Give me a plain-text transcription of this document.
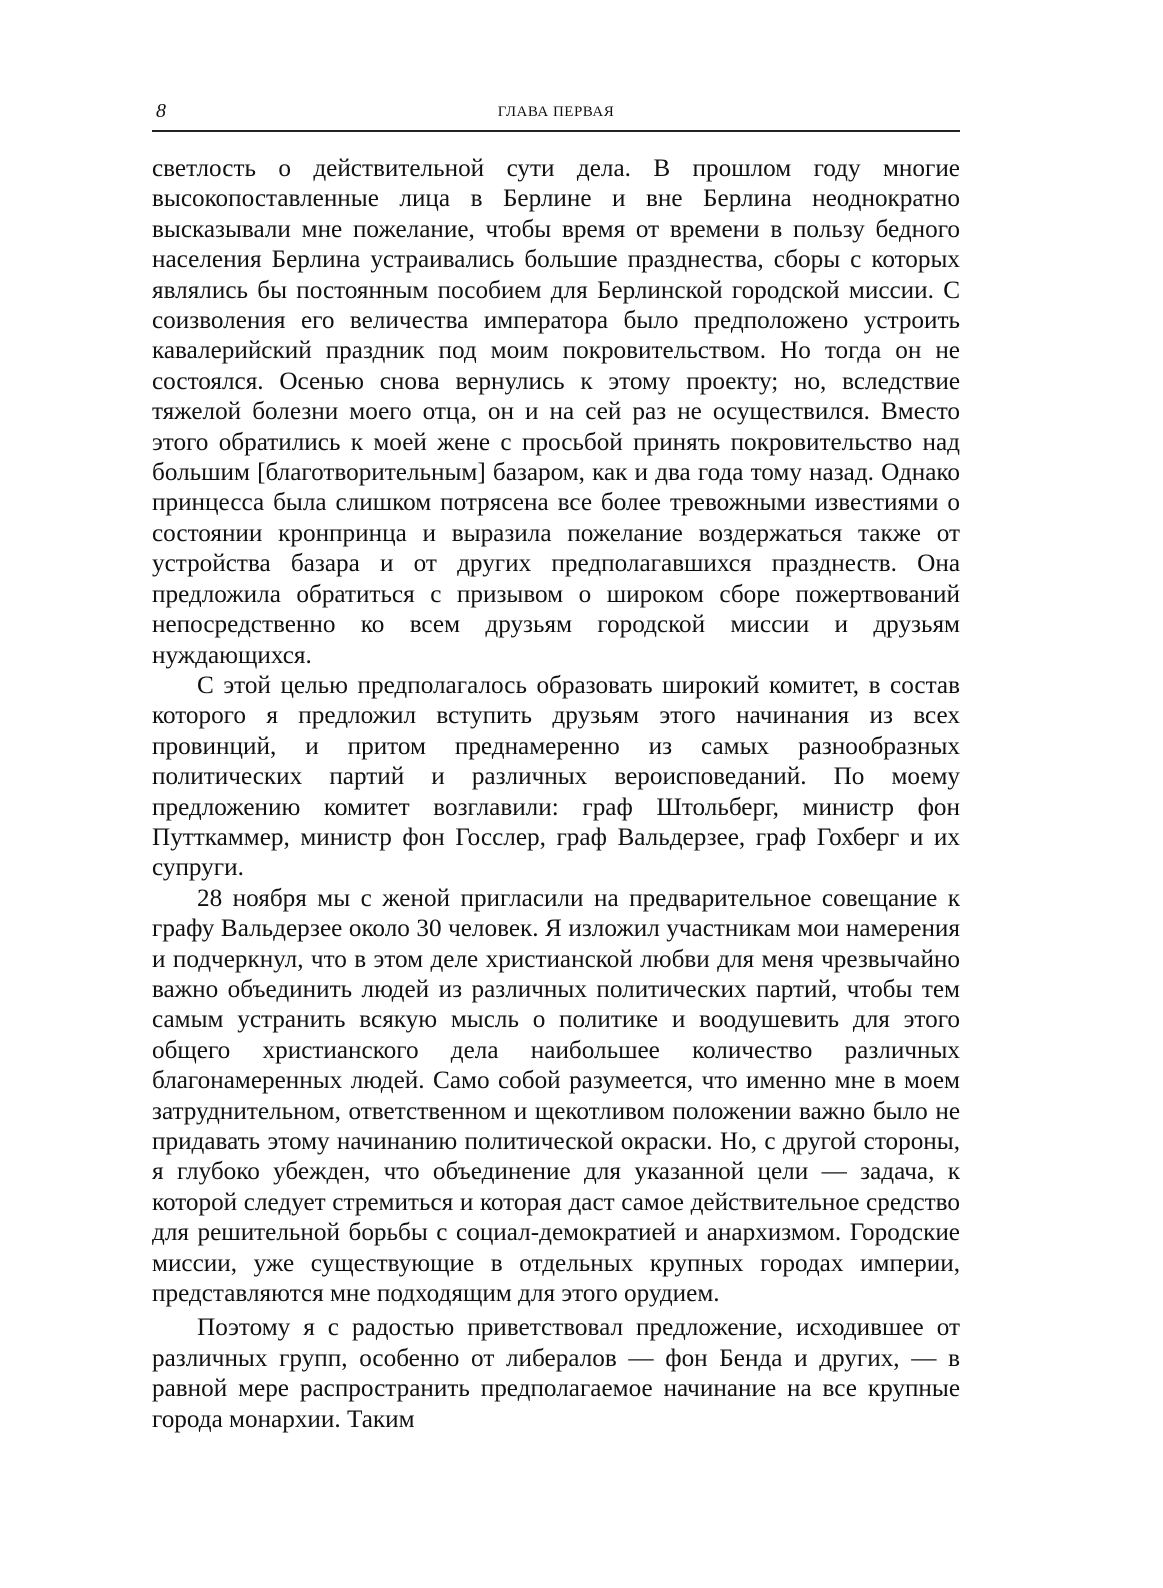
8	ГЛАВА ПЕРВАЯ

светлость о действительной сути дела. В прошлом году многие высокопоставленные лица в Берлине и вне Берлина неоднократно высказывали мне пожелание, чтобы время от времени в пользу бедного населения Берлина устраивались большие празднества, сборы с которых являлись бы постоянным пособием для Берлинской городской миссии. С соизволения его величества императора было предположено устроить кавалерийский праздник под моим покровительством. Но тогда он не состоялся. Осенью снова вернулись к этому проекту; но, вследствие тяжелой болезни моего отца, он и на сей раз не осуществился. Вместо этого обратились к моей жене с просьбой принять покровительство над большим [благотворительным] базаром, как и два года тому назад. Однако принцесса была слишком потрясена все более тревожными известиями о состоянии кронпринца и выразила пожелание воздержаться также от устройства базара и от других предполагавшихся празднеств. Она предложила обратиться с призывом о широком сборе пожертвований непосредственно ко всем друзьям городской миссии и друзьям нуждающихся.

С этой целью предполагалось образовать широкий комитет, в состав которого я предложил вступить друзьям этого начинания из всех провинций, и притом преднамеренно из самых разнообразных политических партий и различных вероисповеданий. По моему предложению комитет возглавили: граф Штольберг, министр фон Путткаммер, министр фон Госслер, граф Вальдерзее, граф Гохберг и их супруги.

28 ноября мы с женой пригласили на предварительное совещание к графу Вальдерзее около 30 человек. Я изложил участникам мои намерения и подчеркнул, что в этом деле христианской любви для меня чрезвычайно важно объединить людей из различных политических партий, чтобы тем самым устранить всякую мысль о политике и воодушевить для этого общего христианского дела наибольшее количество различных благонамеренных людей. Само собой разумеется, что именно мне в моем затруднительном, ответственном и щекотливом положении важно было не придавать этому начинанию политической окраски. Но, с другой стороны, я глубоко убежден, что объединение для указанной цели — задача, к которой следует стремиться и которая даст самое действительное средство для решительной борьбы с социал-демократией и анархизмом. Городские миссии, уже существующие в отдельных крупных городах империи, представляются мне подходящим для этого орудием.

Поэтому я с радостью приветствовал предложение, исходившее от различных групп, особенно от либералов — фон Бенда и других, — в равной мере распространить предполагаемое начинание на все крупные города монархии. Таким
